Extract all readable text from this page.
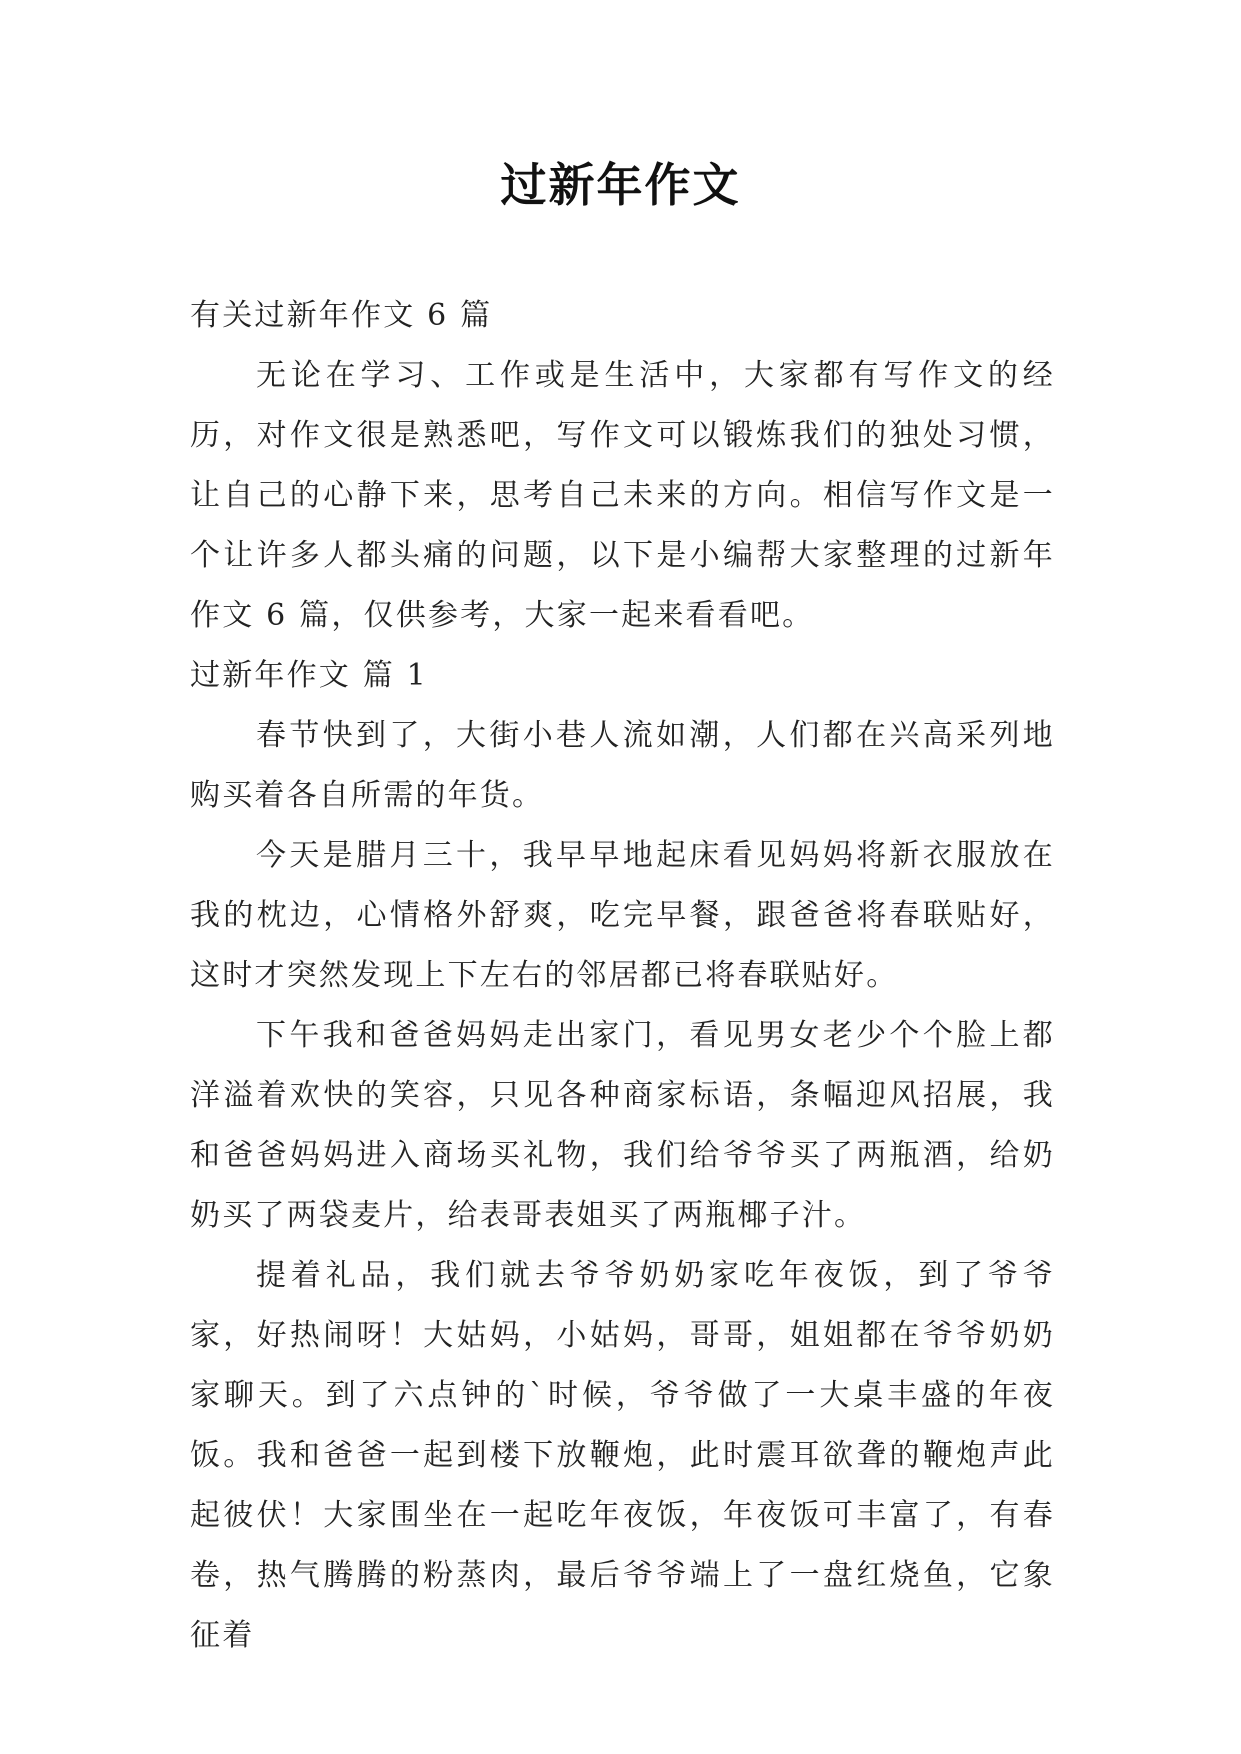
过新年作文

有关过新年作文 6 篇

无论在学习、工作或是生活中，大家都有写作文的经历，对作文很是熟悉吧，写作文可以锻炼我们的独处习惯，让自己的心静下来，思考自己未来的方向。相信写作文是一个让许多人都头痛的问题，以下是小编帮大家整理的过新年作文 6 篇，仅供参考，大家一起来看看吧。

过新年作文 篇 1

春节快到了，大街小巷人流如潮，人们都在兴高采列地购买着各自所需的年货。

今天是腊月三十，我早早地起床看见妈妈将新衣服放在我的枕边，心情格外舒爽，吃完早餐，跟爸爸将春联贴好，这时才突然发现上下左右的邻居都已将春联贴好。

下午我和爸爸妈妈走出家门，看见男女老少个个脸上都洋溢着欢快的笑容，只见各种商家标语，条幅迎风招展，我和爸爸妈妈进入商场买礼物，我们给爷爷买了两瓶酒，给奶奶买了两袋麦片，给表哥表姐买了两瓶椰子汁。

提着礼品，我们就去爷爷奶奶家吃年夜饭，到了爷爷家，好热闹呀！大姑妈，小姑妈，哥哥，姐姐都在爷爷奶奶家聊天。到了六点钟的`时候，爷爷做了一大桌丰盛的年夜饭。我和爸爸一起到楼下放鞭炮，此时震耳欲聋的鞭炮声此起彼伏！大家围坐在一起吃年夜饭，年夜饭可丰富了，有春卷，热气腾腾的粉蒸肉，最后爷爷端上了一盘红烧鱼，它象征着
